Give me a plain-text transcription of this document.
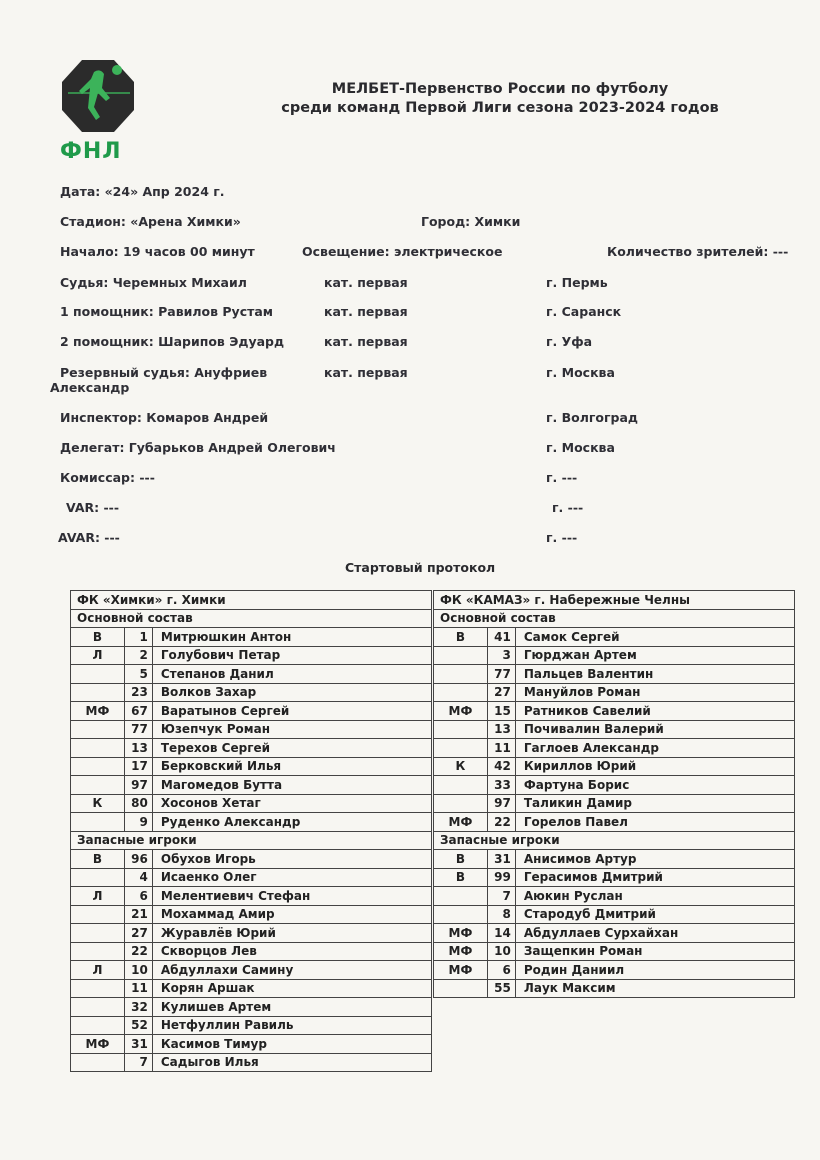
ФНЛ
МЕЛБЕТ-Первенство России по футболу
среди команд Первой Лиги сезона 2023-2024 годов
Дата: «24» Апр 2024 г.
Стадион: «Арена Химки»	Город: Химки
Начало: 19 часов 00 минут	Освещение: электрическое	Количество зрителей: ---
Судья: Черемных Михаил	кат. первая	г. Пермь
1 помощник: Равилов Рустам	кат. первая	г. Саранск
2 помощник: Шарипов Эдуард	кат. первая	г. Уфа
Резервный судья: Ануфриев
Александр
кат. первая	г. Москва
Инспектор: Комаров Андрей	г. Волгоград
Делегат: Губарьков Андрей Олегович	г. Москва
Комиссар: ---	г. ---
VAR: ---	г. ---
AVAR: ---	г. ---
Стартовый протокол
ФК «Химки» г. Химки		
Основной состав		
В	1	Митрюшкин Антон
Л	2	Голубович Петар
	5	Степанов Данил
	23	Волков Захар
МФ	67	Варатынов Сергей
	77	Юзепчук Роман
	13	Терехов Сергей
	17	Берковский Илья
	97	Магомедов Бутта
К	80	Хосонов Хетаг
	9	Руденко Александр
Запасные игроки		
В	96	Обухов Игорь
	4	Исаенко Олег
Л	6	Мелентиевич Стефан
	21	Мохаммад Амир
	27	Журавлёв Юрий
	22	Скворцов Лев
Л	10	Абдуллахи Самину
	11	Корян Аршак
	32	Кулишев Артем
	52	Нетфуллин Равиль
МФ	31	Касимов Тимур
	7	Садыгов Илья
ФК «КАМАЗ» г. Набережные Челны		
Основной состав		
В	41	Самок Сергей
	3	Гюрджан Артем
	77	Пальцев Валентин
	27	Мануйлов Роман
МФ	15	Ратников Савелий
	13	Почивалин Валерий
	11	Гаглоев Александр
К	42	Кириллов Юрий
	33	Фартуна Борис
	97	Таликин Дамир
МФ	22	Горелов Павел
Запасные игроки		
В	31	Анисимов Артур
В	99	Герасимов Дмитрий
	7	Аюкин Руслан
	8	Стародуб Дмитрий
МФ	14	Абдуллаев Сурхайхан
МФ	10	Защепкин Роман
МФ	6	Родин Даниил
	55	Лаук Максим
